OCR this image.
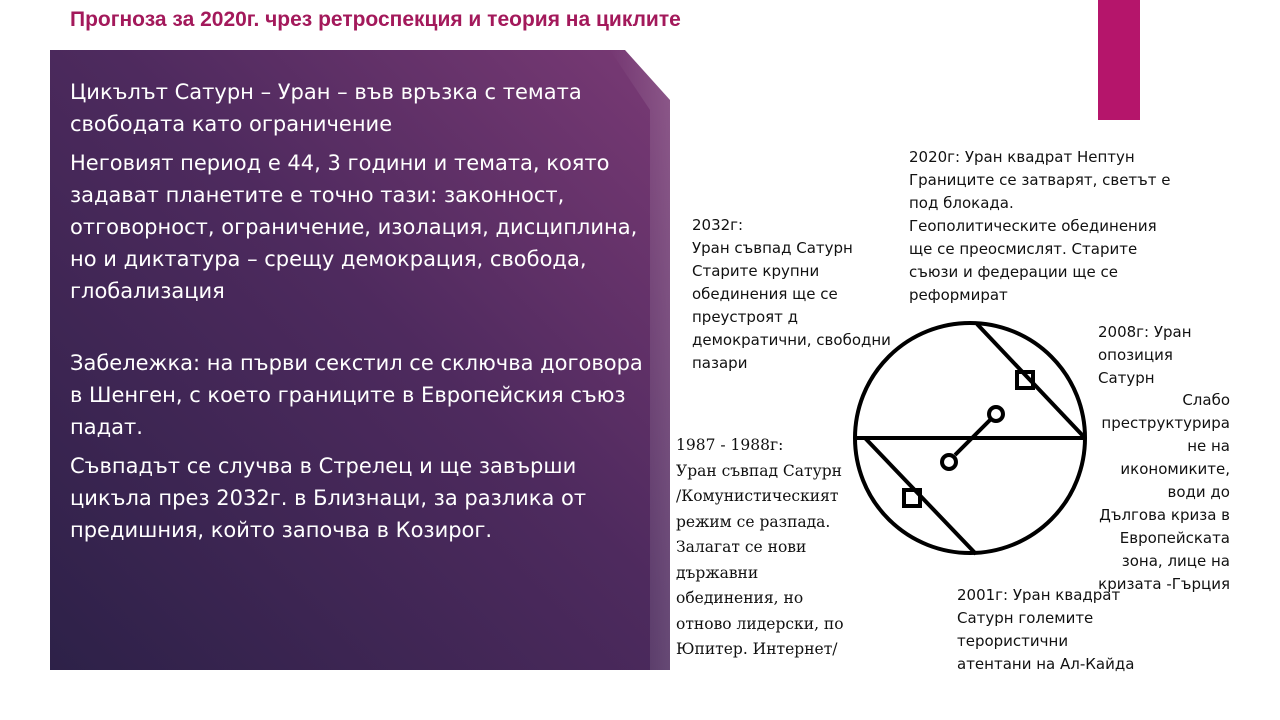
Прогноза за 2020г. чрез ретроспекция и теория на циклите

Цикълът Сатурн – Уран – във връзка с темата свободата като ограничение

Неговият период е 44, 3 години и темата, която задават планетите е точно тази: законност, отговорност, ограничение, изолация, дисциплина, но и диктатура – срещу демокрация, свобода, глобализация

Забележка: на първи секстил се сключва договора в Шенген, с което границите в Европейския съюз падат.

Съвпадът се случва в Стрелец и ще завърши цикъла през 2032г. в Близнаци, за разлика от предишния, който започва в Козирог.

2020г: Уран квадрат Нептун
Границите се затварят, светът е
под блокада.
Геополитическите обединения
ще се преосмислят. Старите
съюзи и федерации ще се
реформират
2032г:
Уран съвпад Сатурн
Старите крупни
обединения ще се
преустроят д
демократични, свободни
пазари
2008г: Уран
опозиция
Сатурн
Слабо
преструктурира
не на
икономиките,
води до
Дългова криза в
Европейската
зона, лице на
кризата -Гърция
1987 - 1988г:
Уран съвпад Сатурн
/Комунистическият
режим се разпада.
Залагат се нови
държавни
обединения, но
отново лидерски, по
Юпитер. Интернет/
2001г: Уран квадрат
Сатурн големите
терористични
атентани на Ал-Кайда
